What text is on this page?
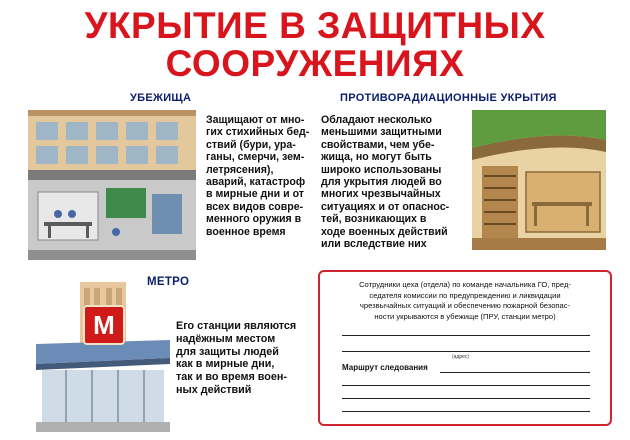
УКРЫТИЕ В ЗАЩИТНЫХ
СООРУЖЕНИЯХ
УБЕЖИЩА
Защищают от мно-
гих стихийных бед-
ствий (бури, ура-
ганы, смерчи, зем-
летрясения),
аварий, катастроф
в мирные дни и от
всех видов совре-
менного оружия в
военное время
ПРОТИВОРАДИАЦИОННЫЕ УКРЫТИЯ
Обладают несколько
меньшими защитными
свойствами, чем убе-
жища, но могут быть
широко использованы
для укрытия людей во
многих чрезвычайных
ситуациях и от опаснос-
тей, возникающих в
ходе военных действий
или вследствие них
МЕТРО
М	Его станции являются
надёжным местом
для защиты людей
как в мирные дни,
так и во время воен-
ных действий
Сотрудники цеха (отдела) по команде начальника ГО, пред-
седателя комиссии по предупреждению и ликвидации
чрезвычайных ситуаций и обеспечению пожарной безопас-
ности укрываются в убежище (ПРУ, станции метро)
(адрес)
Маршрут следования
